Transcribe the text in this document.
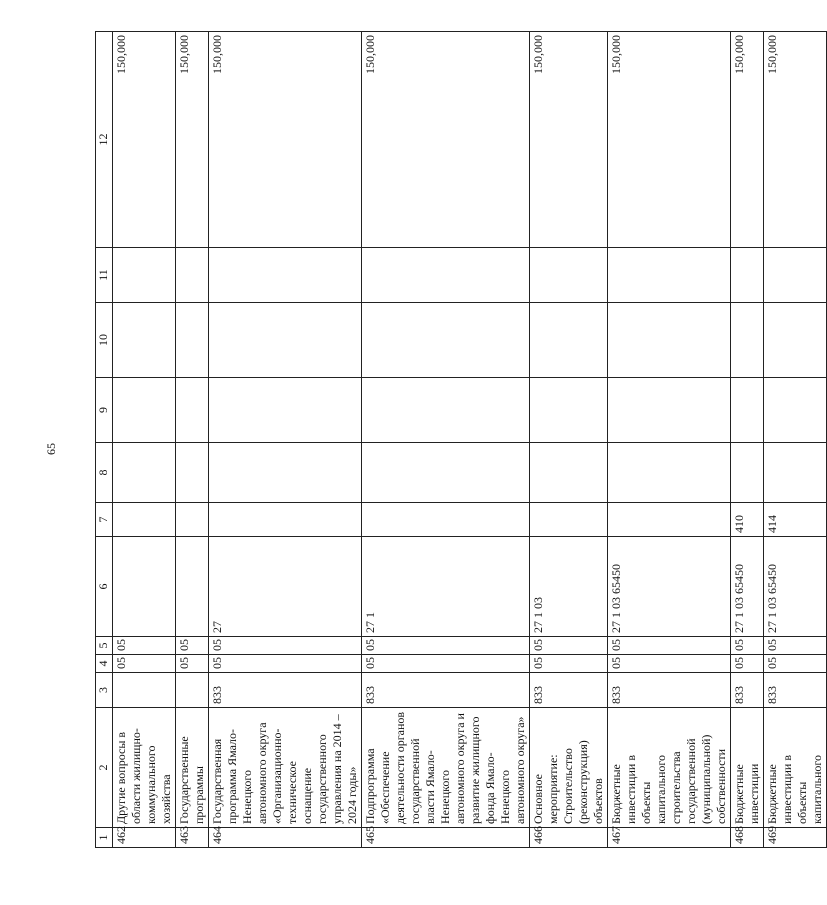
65
1	2	3	4	5	6	7	8	9	10	11	12
462	Другие вопросы в области жилищно-коммунального хозяйства		05	05							150,000
463	Государственные программы		05	05							150,000
464	Государственная программа Ямало-Ненецкого автономного округа «Организационно-техническое оснащение государственного управления на 2014 – 2024 годы»	833	05	05	27						150,000
465	Подпрограмма «Обеспечение деятельности органов государственной власти Ямало-Ненецкого автономного округа и развитие жилищного фонда Ямало-Ненецкого автономного округа»	833	05	05	27 1						150,000
466	Основное мероприятие: Строительство (реконструкция) объектов	833	05	05	27 1 03						150,000
467	Бюджетные инвестиции в объекты капитального строительства государственной (муниципальной) собственности	833	05	05	27 1 03 65450						150,000
468	Бюджетные инвестиции	833	05	05	27 1 03 65450	410					150,000
469	Бюджетные инвестиции в объекты капитального	833	05	05	27 1 03 65450	414					150,000
